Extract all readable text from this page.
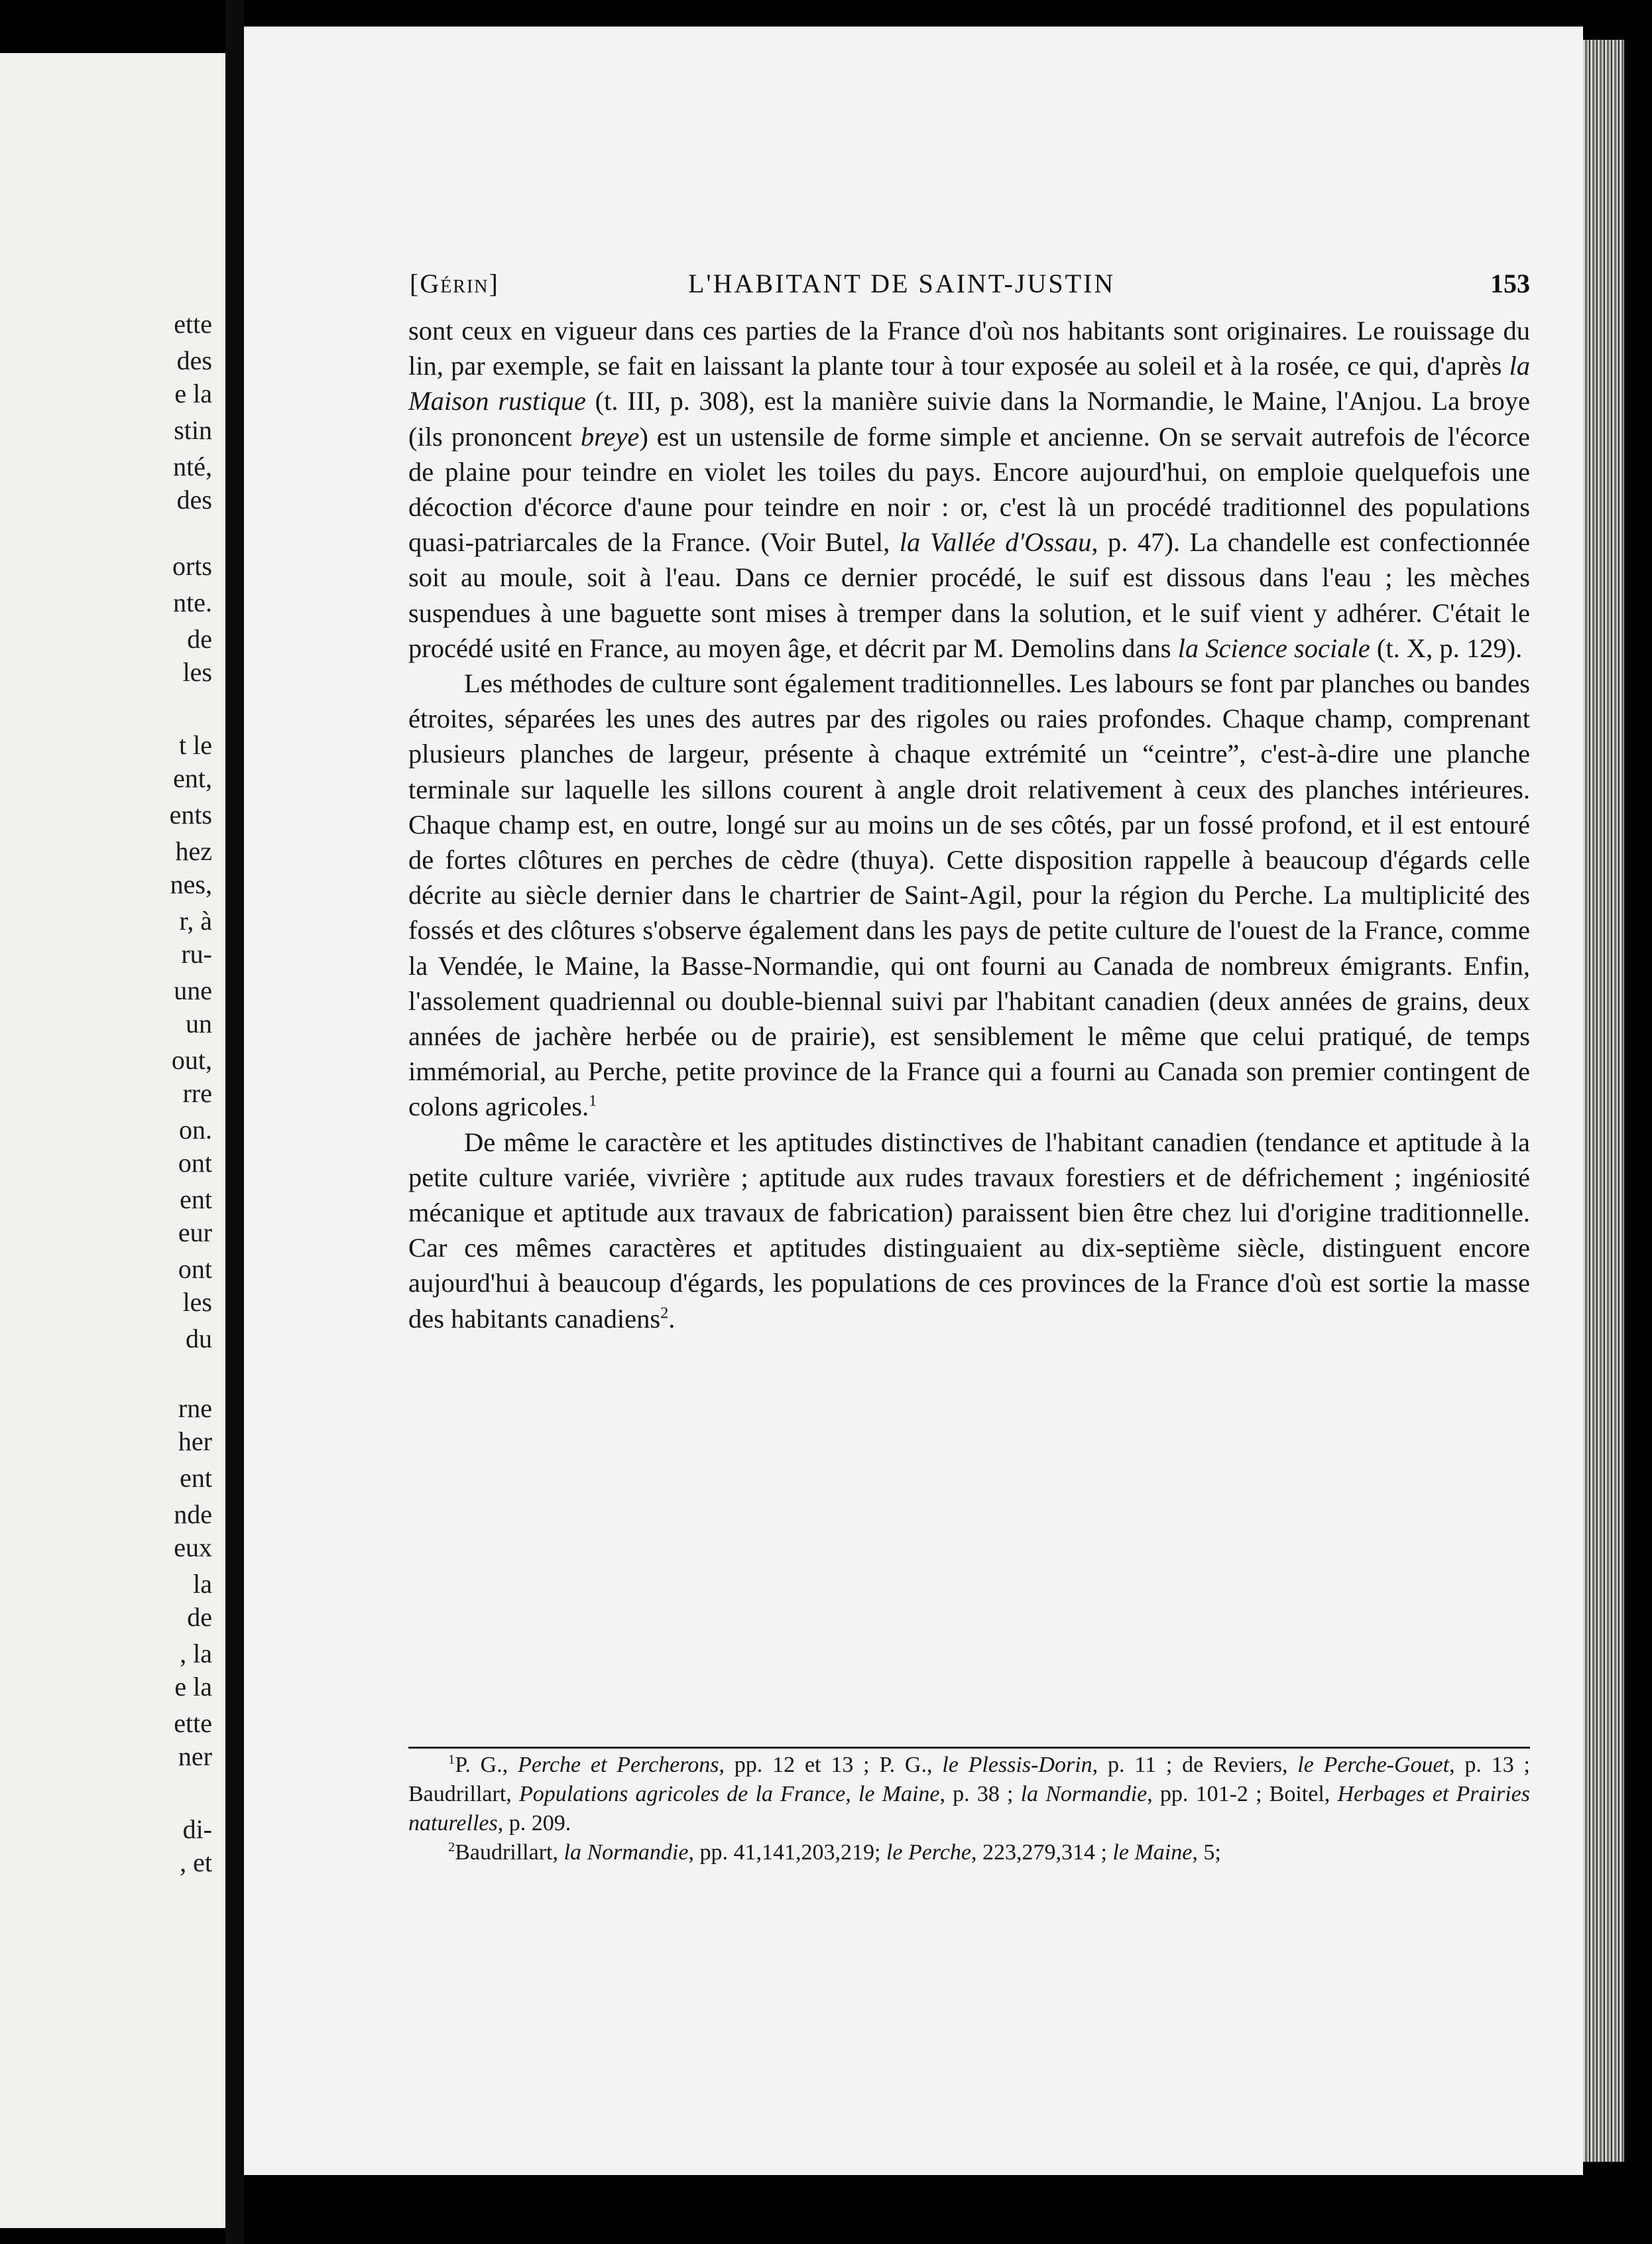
ette
des
e la
stin
nté,
des
orts
nte.
de
les
t le
ent,
ents
hez
nes,
r, à
ru-
une
un
out,
rre
on.
ont
ent
eur
ont
les
du
rne
her
ent
nde
eux
la
de
, la
e la
ette
ner
di-
, et
[Gérin]	L'HABITANT DE SAINT-JUSTIN	153

sont ceux en vigueur dans ces parties de la France d'où nos habitants sont originaires. Le rouissage du lin, par exemple, se fait en laissant la plante tour à tour exposée au soleil et à la rosée, ce qui, d'après la Maison rustique (t. III, p. 308), est la manière suivie dans la Normandie, le Maine, l'Anjou. La broye (ils prononcent breye) est un ustensile de forme simple et ancienne. On se servait autrefois de l'écorce de plaine pour teindre en violet les toiles du pays. Encore aujourd'hui, on emploie quelquefois une décoction d'écorce d'aune pour teindre en noir : or, c'est là un procédé traditionnel des populations quasi-patriarcales de la France. (Voir Butel, la Vallée d'Ossau, p. 47). La chandelle est confectionnée soit au moule, soit à l'eau. Dans ce dernier procédé, le suif est dissous dans l'eau ; les mèches suspendues à une baguette sont mises à tremper dans la solution, et le suif vient y adhérer. C'était le procédé usité en France, au moyen âge, et décrit par M. Demolins dans la Science sociale (t. X, p. 129).

Les méthodes de culture sont également traditionnelles. Les labours se font par planches ou bandes étroites, séparées les unes des autres par des rigoles ou raies profondes. Chaque champ, comprenant plusieurs planches de largeur, présente à chaque extrémité un “ceintre”, c'est-à-dire une planche terminale sur laquelle les sillons courent à angle droit relativement à ceux des planches intérieures. Chaque champ est, en outre, longé sur au moins un de ses côtés, par un fossé profond, et il est entouré de fortes clôtures en perches de cèdre (thuya). Cette disposition rappelle à beaucoup d'égards celle décrite au siècle dernier dans le chartrier de Saint-Agil, pour la région du Perche. La multiplicité des fossés et des clôtures s'observe également dans les pays de petite culture de l'ouest de la France, comme la Vendée, le Maine, la Basse-Normandie, qui ont fourni au Canada de nombreux émigrants. Enfin, l'assolement quadriennal ou double-biennal suivi par l'habitant canadien (deux années de grains, deux années de jachère herbée ou de prairie), est sensiblement le même que celui pratiqué, de temps immémorial, au Perche, petite province de la France qui a fourni au Canada son premier contingent de colons agricoles.$^1$

De même le caractère et les aptitudes distinctives de l'habitant canadien (tendance et aptitude à la petite culture variée, vivrière ; aptitude aux rudes travaux forestiers et de défrichement ; ingéniosité mécanique et aptitude aux travaux de fabrication) paraissent bien être chez lui d'origine traditionnelle. Car ces mêmes caractères et aptitudes distinguaient au dix-septième siècle, distinguent encore aujourd'hui à beaucoup d'égards, les populations de ces provinces de la France d'où est sortie la masse des habitants canadiens$^2$.

$^1$P. G., Perche et Percherons, pp. 12 et 13 ; P. G., le Plessis-Dorin, p. 11 ; de Reviers, le Perche-Gouet, p. 13 ; Baudrillart, Populations agricoles de la France, le Maine, p. 38 ; la Normandie, pp. 101-2 ; Boitel, Herbages et Prairies naturelles, p. 209.

$^2$Baudrillart, la Normandie, pp. 41,141,203,219; le Perche, 223,279,314 ; le Maine, 5;
